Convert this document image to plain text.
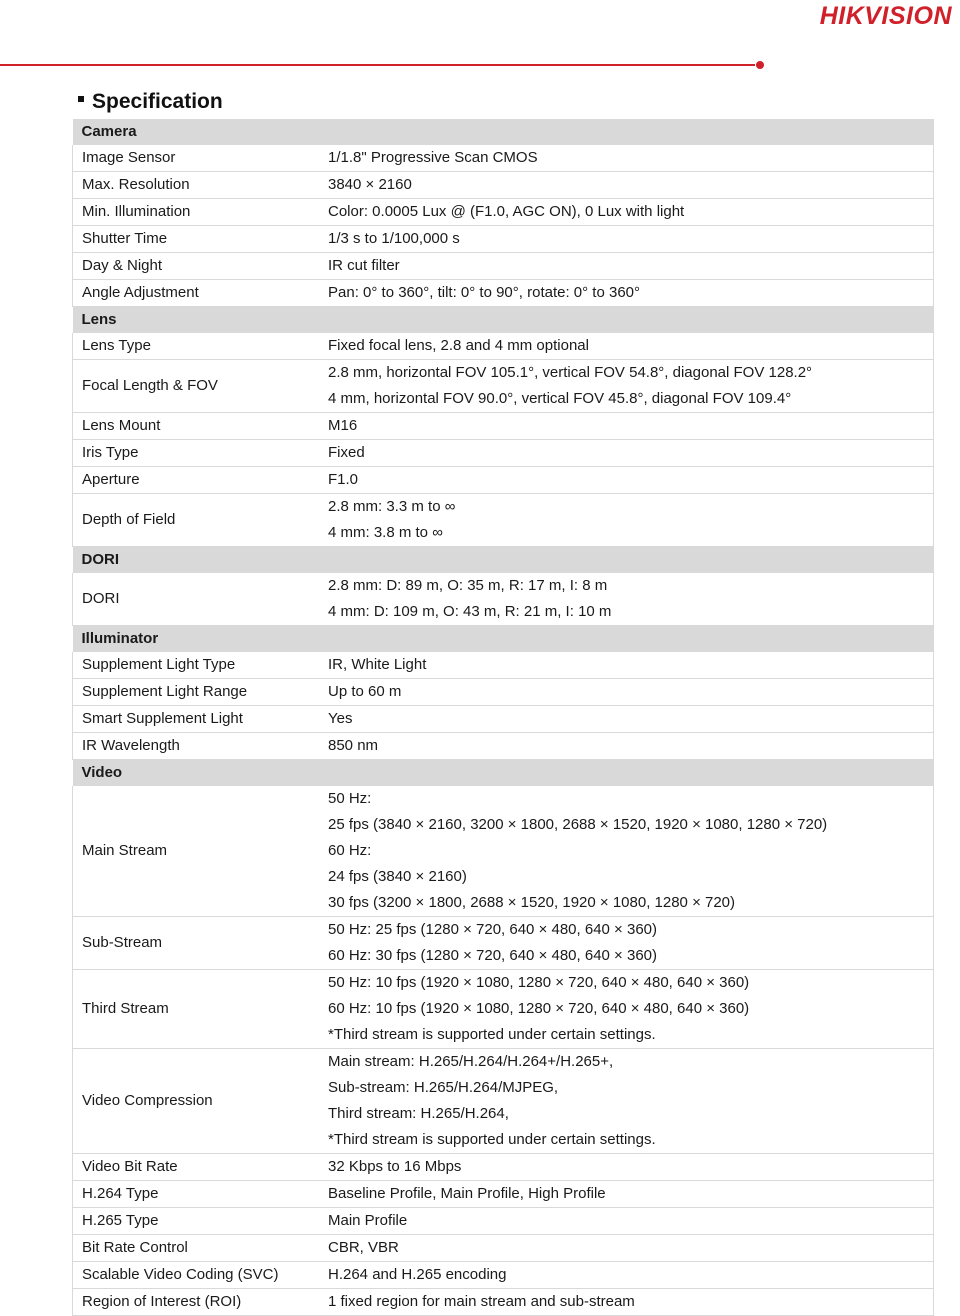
HIKVISION
Specification
Camera	
Image Sensor	1/1.8" Progressive Scan CMOS

Max. Resolution	3840 × 2160

Min. Illumination	Color: 0.0005 Lux @ (F1.0, AGC ON), 0 Lux with light

Shutter Time	1/3 s to 1/100,000 s

Day & Night	IR cut filter

Angle Adjustment	Pan: 0° to 360°, tilt: 0° to 90°, rotate: 0° to 360°

Lens	
Lens Type	Fixed focal lens, 2.8 and 4 mm optional

Focal Length & FOV	2.8 mm, horizontal FOV 105.1°, vertical FOV 54.8°, diagonal FOV 128.2°
4 mm, horizontal FOV 90.0°, vertical FOV 45.8°, diagonal FOV 109.4°

Lens Mount	M16

Iris Type	Fixed

Aperture	F1.0

Depth of Field	2.8 mm: 3.3 m to ∞
4 mm: 3.8 m to ∞

DORI	
DORI	2.8 mm: D: 89 m, O: 35 m, R: 17 m, I: 8 m
4 mm: D: 109 m, O: 43 m, R: 21 m, I: 10 m

Illuminator	
Supplement Light Type	IR, White Light

Supplement Light Range	Up to 60 m

Smart Supplement Light	Yes

IR Wavelength	850 nm

Video	
Main Stream	50 Hz:
25 fps (3840 × 2160, 3200 × 1800, 2688 × 1520, 1920 × 1080, 1280 × 720)
60 Hz:
24 fps (3840 × 2160)
30 fps (3200 × 1800, 2688 × 1520, 1920 × 1080, 1280 × 720)

Sub-Stream	50 Hz: 25 fps (1280 × 720, 640 × 480, 640 × 360)
60 Hz: 30 fps (1280 × 720, 640 × 480, 640 × 360)

Third Stream	50 Hz: 10 fps (1920 × 1080, 1280 × 720, 640 × 480, 640 × 360)
60 Hz: 10 fps (1920 × 1080, 1280 × 720, 640 × 480, 640 × 360)
*Third stream is supported under certain settings.

Video Compression	Main stream: H.265/H.264/H.264+/H.265+,
Sub-stream: H.265/H.264/MJPEG,
Third stream: H.265/H.264,
*Third stream is supported under certain settings.

Video Bit Rate	32 Kbps to 16 Mbps

H.264 Type	Baseline Profile, Main Profile, High Profile

H.265 Type	Main Profile

Bit Rate Control	CBR, VBR

Scalable Video Coding (SVC)	H.264 and H.265 encoding

Region of Interest (ROI)	1 fixed region for main stream and sub-stream
